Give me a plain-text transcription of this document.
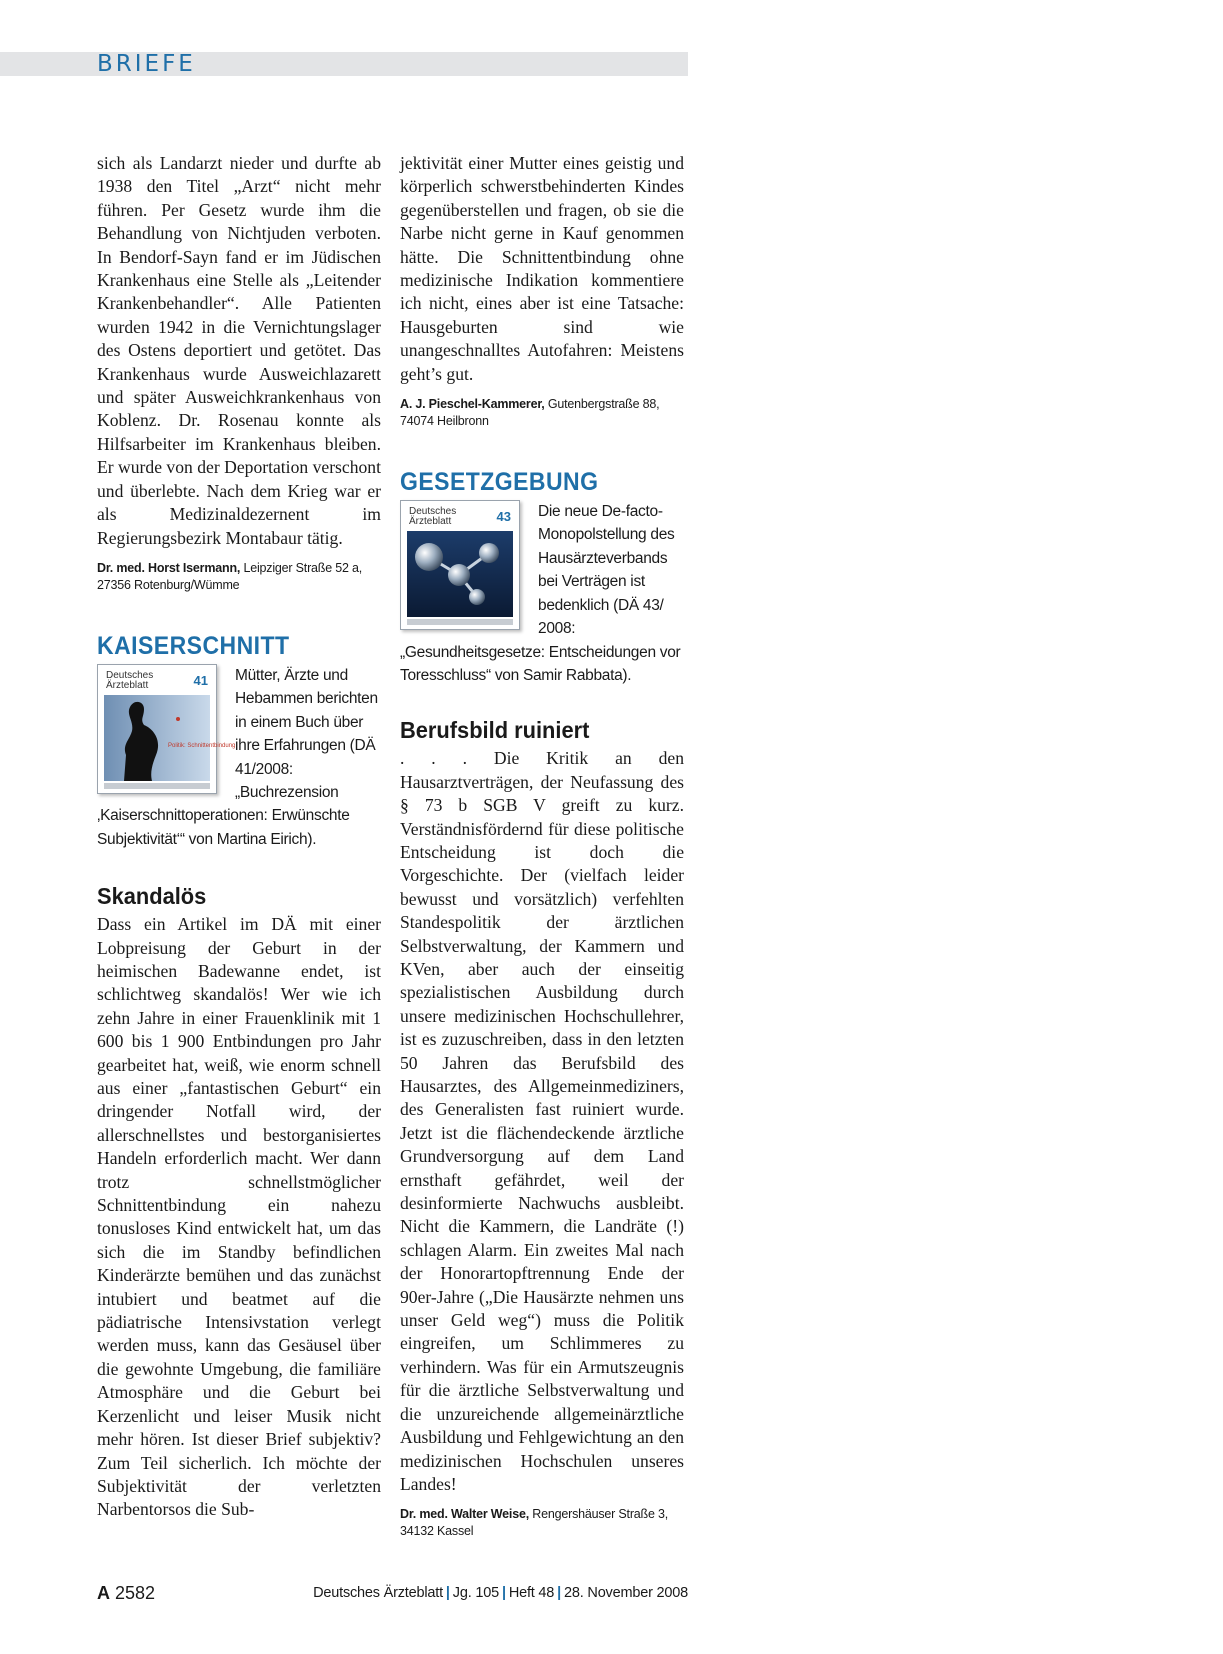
BRIEFE

sich als Landarzt nieder und durfte ab 1938 den Titel „Arzt“ nicht mehr führen. Per Gesetz wurde ihm die Behandlung von Nichtjuden verboten. In Bendorf-Sayn fand er im Jüdischen Krankenhaus eine Stelle als „Leitender Krankenbehandler“. Alle Patienten wurden 1942 in die Vernichtungslager des Ostens deportiert und getötet. Das Krankenhaus wurde Ausweichlazarett und später Ausweichkrankenhaus von Koblenz. Dr. Rosenau konnte als Hilfsarbeiter im Krankenhaus bleiben. Er wurde von der Deportation verschont und überlebte. Nach dem Krieg war er als Medizinaldezernent im Regierungsbezirk Montabaur tätig.

Dr. med. Horst Isermann, Leipziger Straße 52 a, 27356 Rotenburg/Wümme

KAISERSCHNITT
Deutsches
Ärzteblatt	41
Politik: Schnittentbindung

Mütter, Ärzte und Hebammen berichten in einem Buch über ihre Erfahrungen (DÄ 41/2008: „Buchrezension ‚Kaiserschnittoperationen: Erwünschte Subjektivität‘“ von Martina Eirich).

Skandalös

Dass ein Artikel im DÄ mit einer Lobpreisung der Geburt in der heimischen Badewanne endet, ist schlichtweg skandalös! Wer wie ich zehn Jahre in einer Frauenklinik mit 1 600 bis 1 900 Entbindungen pro Jahr gearbeitet hat, weiß, wie enorm schnell aus einer „fantastischen Geburt“ ein dringender Notfall wird, der allerschnellstes und bestorganisiertes Handeln erforderlich macht. Wer dann trotz schnellstmöglicher Schnittentbindung ein nahezu tonusloses Kind entwickelt hat, um das sich die im Standby befindlichen Kinderärzte bemühen und das zunächst intubiert und beatmet auf die pädiatrische Intensivstation verlegt werden muss, kann das Gesäusel über die gewohnte Umgebung, die familiäre Atmosphäre und die Geburt bei Kerzenlicht und leiser Musik nicht mehr hören. Ist dieser Brief subjektiv? Zum Teil sicherlich. Ich möchte der Subjektivität der verletzten Narbentorsos die Sub-

jektivität einer Mutter eines geistig und körperlich schwerstbehinderten Kindes gegenüberstellen und fragen, ob sie die Narbe nicht gerne in Kauf genommen hätte. Die Schnittentbindung ohne medizinische Indikation kommentiere ich nicht, eines aber ist eine Tatsache: Hausgeburten sind wie unangeschnalltes Autofahren: Meistens geht’s gut.

A. J. Pieschel-Kammerer, Gutenbergstraße 88, 74074 Heilbronn

GESETZGEBUNG
Deutsches
Ärzteblatt	43	Die neue De-facto-Monopolstellung des Hausärzteverbands bei Verträgen ist bedenklich (DÄ 43/ 2008: „Gesundheitsgesetze: Entscheidungen vor Toresschluss“ von Samir Rabbata).

Berufsbild ruiniert

. . . Die Kritik an den Hausarztverträgen, der Neufassung des § 73 b SGB V greift zu kurz. Verständnisfördernd für diese politische Entscheidung ist doch die Vorgeschichte. Der (vielfach leider bewusst und vorsätzlich) verfehlten Standespolitik der ärztlichen Selbstverwaltung, der Kammern und KVen, aber auch der einseitig spezialistischen Ausbildung durch unsere medizinischen Hochschullehrer, ist es zuzuschreiben, dass in den letzten 50 Jahren das Berufsbild des Hausarztes, des Allgemeinmediziners, des Generalisten fast ruiniert wurde. Jetzt ist die flächendeckende ärztliche Grundversorgung auf dem Land ernsthaft gefährdet, weil der desinformierte Nachwuchs ausbleibt. Nicht die Kammern, die Landräte (!) schlagen Alarm. Ein zweites Mal nach der Honorartopftrennung Ende der 90er-Jahre („Die Hausärzte nehmen uns unser Geld weg“) muss die Politik eingreifen, um Schlimmeres zu verhindern. Was für ein Armutszeugnis für die ärztliche Selbstverwaltung und die unzureichende allgemeinärztliche Ausbildung und Fehlgewichtung an den medizinischen Hochschulen unseres Landes!

Dr. med. Walter Weise, Rengershäuser Straße 3, 34132 Kassel

A 2582	Deutsches Ärzteblatt | Jg. 105 | Heft 48 | 28. November 2008
